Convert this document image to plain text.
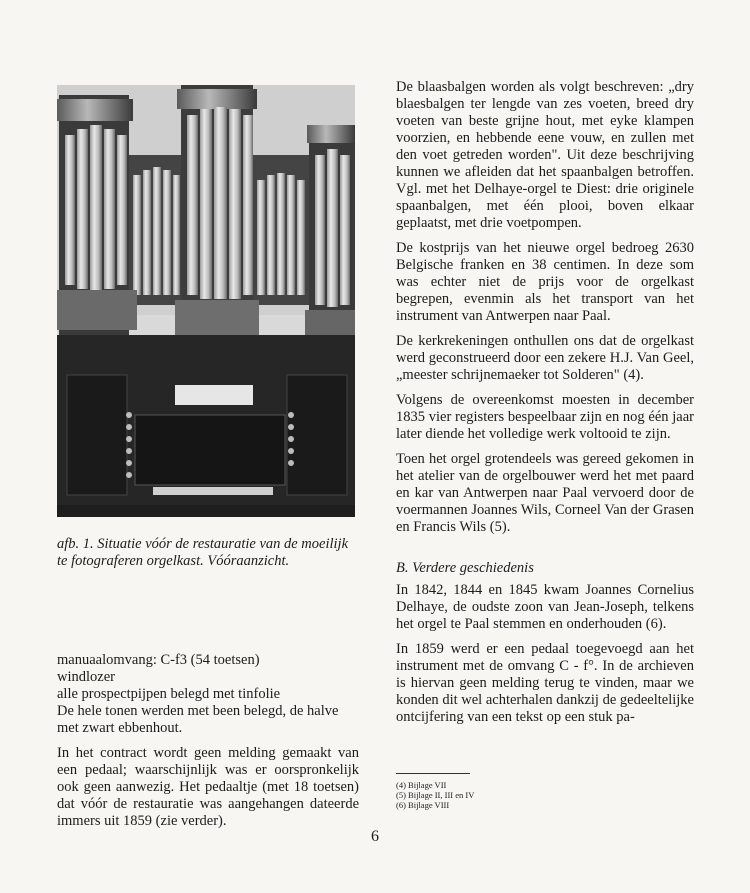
afb. 1. Situatie vóór de restauratie van de moeilijk te fotograferen orgelkast. Vóóraanzicht.

manuaalomvang: C-f3 (54 toetsen)

windlozer

alle prospectpijpen belegd met tinfolie

De hele tonen werden met been belegd, de halve met zwart ebbenhout.

In het contract wordt geen melding gemaakt van een pedaal; waarschijnlijk was er oorspronkelijk ook geen aanwezig. Het pedaaltje (met 18 toetsen) dat vóór de restauratie was aangehangen dateerde immers uit 1859 (zie verder).

De blaasbalgen worden als volgt beschreven: „dry blaesbalgen ter lengde van zes voeten, breed dry voeten van beste grijne hout, met eyke klampen voorzien, en hebbende eene vouw, en zullen met den voet getreden worden". Uit deze beschrijving kunnen we afleiden dat het spaanbalgen betroffen. Vgl. met het Delhaye-orgel te Diest: drie originele spaanbalgen, met één plooi, boven elkaar geplaatst, met drie voetpompen.

De kostprijs van het nieuwe orgel bedroeg 2630 Belgische franken en 38 centimen. In deze som was echter niet de prijs voor de orgelkast begrepen, evenmin als het transport van het instrument van Antwerpen naar Paal.

De kerkrekeningen onthullen ons dat de orgelkast werd geconstrueerd door een zekere H.J. Van Geel, „meester schrijnemaeker tot Solderen" (4).

Volgens de overeenkomst moesten in december 1835 vier registers bespeelbaar zijn en nog één jaar later diende het volledige werk voltooid te zijn.

Toen het orgel grotendeels was gereed gekomen in het atelier van de orgelbouwer werd het met paard en kar van Antwerpen naar Paal vervoerd door de voermannen Joannes Wils, Corneel Van der Grasen en Francis Wils (5).

B. Verdere geschiedenis

In 1842, 1844 en 1845 kwam Joannes Cornelius Delhaye, de oudste zoon van Jean-Joseph, telkens het orgel te Paal stemmen en onderhouden (6).

In 1859 werd er een pedaal toegevoegd aan het instrument met de omvang C - f°. In de archieven is hiervan geen melding terug te vinden, maar we konden dit wel achterhalen dankzij de gedeeltelijke ontcijfering van een tekst op een stuk pa-

(4) Bijlage VII
(5) Bijlage II, III en IV
(6) Bijlage VIII
6
